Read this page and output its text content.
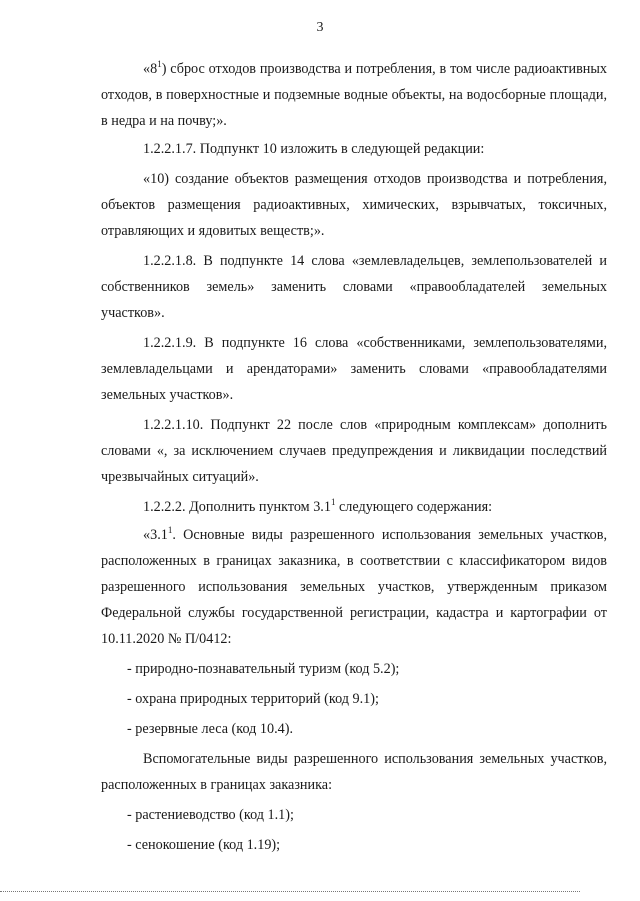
3

«$8^1$) сброс отходов производства и потребления, в том числе радиоактивных отходов, в поверхностные и подземные водные объекты, на водосборные площади, в недра и на почву;».

1.2.2.1.7. Подпункт 10 изложить в следующей редакции:

«10) создание объектов размещения отходов производства и потребления, объектов размещения радиоактивных, химических, взрывчатых, токсичных, отравляющих и ядовитых веществ;».

1.2.2.1.8. В подпункте 14 слова «землевладельцев, землепользователей и собственников земель» заменить словами «правообладателей земельных участков».

1.2.2.1.9. В подпункте 16 слова «собственниками, землепользователями, землевладельцами и арендаторами» заменить словами «правообладателями земельных участков».

1.2.2.1.10. Подпункт 22 после слов «природным комплексам» дополнить словами «, за исключением случаев предупреждения и ликвидации последствий чрезвычайных ситуаций».

1.2.2.2. Дополнить пунктом $3.1^1$ следующего содержания:

«$3.1^1$. Основные виды разрешенного использования земельных участков, расположенных в границах заказника, в соответствии с классификатором видов разрешенного использования земельных участков, утвержденным приказом Федеральной службы государственной регистрации, кадастра и картографии от 10.11.2020 № П/0412:

- природно-познавательный туризм (код 5.2);

- охрана природных территорий (код 9.1);

- резервные леса (код 10.4).

Вспомогательные виды разрешенного использования земельных участков, расположенных в границах заказника:

- растениеводство (код 1.1);

- сенокошение (код 1.19);
